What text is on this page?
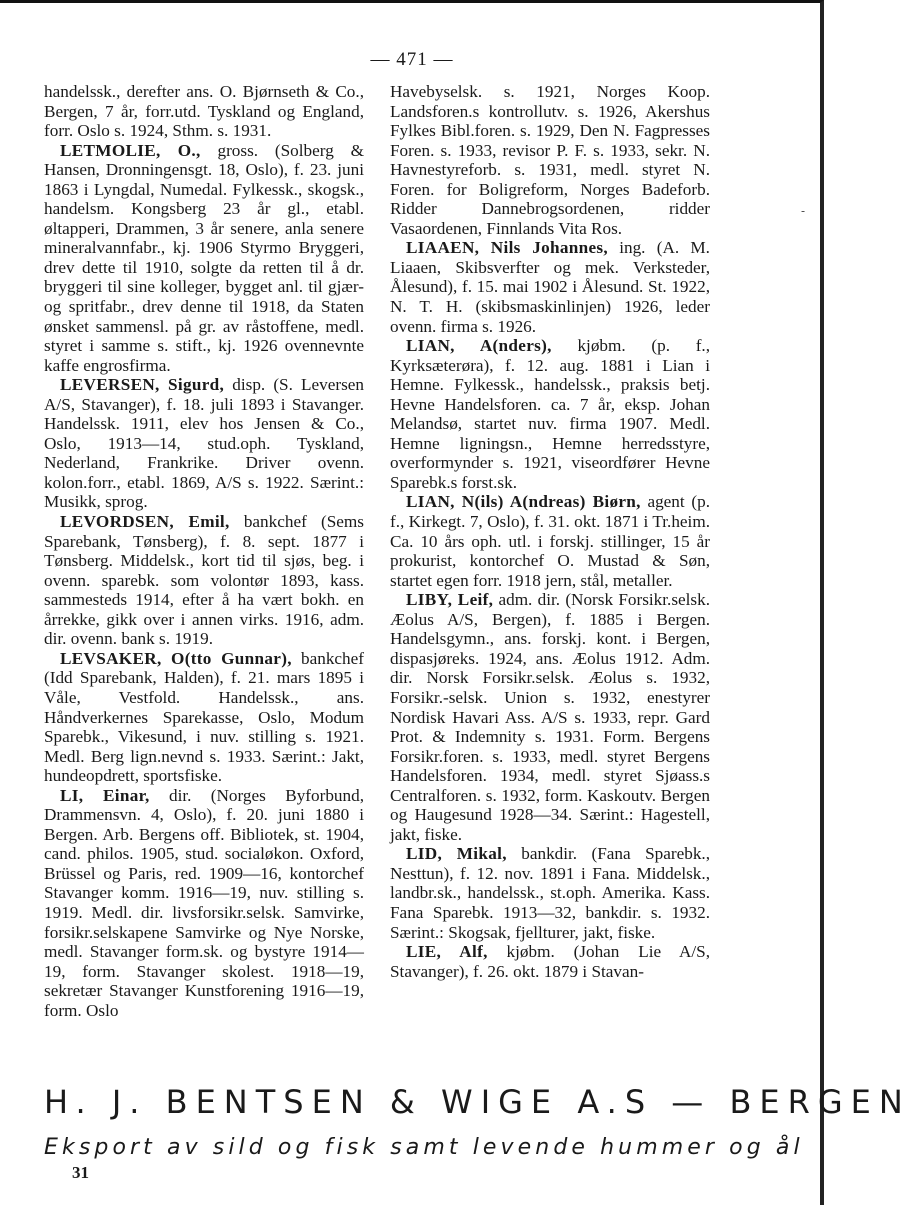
— 471 —

handelssk., derefter ans. O. Bjørnseth & Co., Bergen, 7 år, forr.utd. Tyskland og England, forr. Oslo s. 1924, Sthm. s. 1931.

LETMOLIE, O., gross. (Solberg & Hansen, Dronningensgt. 18, Oslo), f. 23. juni 1863 i Lyngdal, Numedal. Fylkessk., skogsk., handelsm. Kongsberg 23 år gl., etabl. øltapperi, Drammen, 3 år senere, anla senere mineralvannfabr., kj. 1906 Styrmo Bryggeri, drev dette til 1910, solgte da retten til å dr. bryggeri til sine kolleger, bygget anl. til gjær- og spritfabr., drev denne til 1918, da Staten ønsket sammensl. på gr. av råstoffene, medl. styret i samme s. stift., kj. 1926 ovennevnte kaffe engrosfirma.

LEVERSEN, Sigurd, disp. (S. Leversen A/S, Stavanger), f. 18. juli 1893 i Stavanger. Handelssk. 1911, elev hos Jensen & Co., Oslo, 1913—14, stud.oph. Tyskland, Nederland, Frankrike. Driver ovenn. kolon.forr., etabl. 1869, A/S s. 1922. Særint.: Musikk, sprog.

LEVORDSEN, Emil, bankchef (Sems Sparebank, Tønsberg), f. 8. sept. 1877 i Tønsberg. Middelsk., kort tid til sjøs, beg. i ovenn. sparebk. som volontør 1893, kass. sammesteds 1914, efter å ha vært bokh. en årrekke, gikk over i annen virks. 1916, adm. dir. ovenn. bank s. 1919.

LEVSAKER, O(tto Gunnar), bankchef (Idd Sparebank, Halden), f. 21. mars 1895 i Våle, Vestfold. Handelssk., ans. Håndverkernes Sparekasse, Oslo, Modum Sparebk., Vikesund, i nuv. stilling s. 1921. Medl. Berg lign.nevnd s. 1933. Særint.: Jakt, hundeopdrett, sportsfiske.

LI, Einar, dir. (Norges Byforbund, Drammensvn. 4, Oslo), f. 20. juni 1880 i Bergen. Arb. Bergens off. Bibliotek, st. 1904, cand. philos. 1905, stud. socialøkon. Oxford, Brüssel og Paris, red. 1909—16, kontorchef Stavanger komm. 1916—19, nuv. stilling s. 1919. Medl. dir. livsforsikr.selsk. Samvirke, forsikr.selskapene Samvirke og Nye Norske, medl. Stavanger form.sk. og bystyre 1914—19, form. Stavanger skolest. 1918—19, sekretær Stavanger Kunstforening 1916—19, form. Oslo

Havebyselsk. s. 1921, Norges Koop. Landsforen.s kontrollutv. s. 1926, Akershus Fylkes Bibl.foren. s. 1929, Den N. Fagpresses Foren. s. 1933, revisor P. F. s. 1933, sekr. N. Havnestyreforb. s. 1931, medl. styret N. Foren. for Boligreform, Norges Badeforb. Ridder Dannebrogsordenen, ridder Vasaordenen, Finnlands Vita Ros.

LIAAEN, Nils Johannes, ing. (A. M. Liaaen, Skibsverfter og mek. Verksteder, Ålesund), f. 15. mai 1902 i Ålesund. St. 1922, N. T. H. (skibsmaskinlinjen) 1926, leder ovenn. firma s. 1926.

LIAN, A(nders), kjøbm. (p. f., Kyrksæterøra), f. 12. aug. 1881 i Lian i Hemne. Fylkessk., handelssk., praksis betj. Hevne Handelsforen. ca. 7 år, eksp. Johan Melandsø, startet nuv. firma 1907. Medl. Hemne ligningsn., Hemne herredsstyre, overformynder s. 1921, viseordfører Hevne Sparebk.s forst.sk.

LIAN, N(ils) A(ndreas) Biørn, agent (p. f., Kirkegt. 7, Oslo), f. 31. okt. 1871 i Tr.heim. Ca. 10 års oph. utl. i forskj. stillinger, 15 år prokurist, kontorchef O. Mustad & Søn, startet egen forr. 1918 jern, stål, metaller.

LIBY, Leif, adm. dir. (Norsk Forsikr.selsk. Æolus A/S, Bergen), f. 1885 i Bergen. Handelsgymn., ans. forskj. kont. i Bergen, dispasjøreks. 1924, ans. Æolus 1912. Adm. dir. Norsk Forsikr.selsk. Æolus s. 1932, Forsikr.-selsk. Union s. 1932, enestyrer Nordisk Havari Ass. A/S s. 1933, repr. Gard Prot. & Indemnity s. 1931. Form. Bergens Forsikr.foren. s. 1933, medl. styret Bergens Handelsforen. 1934, medl. styret Sjøass.s Centralforen. s. 1932, form. Kaskoutv. Bergen og Haugesund 1928—34. Særint.: Hagestell, jakt, fiske.

LID, Mikal, bankdir. (Fana Sparebk., Nesttun), f. 12. nov. 1891 i Fana. Middelsk., landbr.sk., handelssk., st.oph. Amerika. Kass. Fana Sparebk. 1913—32, bankdir. s. 1932. Særint.: Skogsak, fjellturer, jakt, fiske.

LIE, Alf, kjøbm. (Johan Lie A/S, Stavanger), f. 26. okt. 1879 i Stavan-

-
H. J. BENTSEN & WIGE A.S — BERGEN
Eksport av sild og fisk samt levende hummer og ål
31
